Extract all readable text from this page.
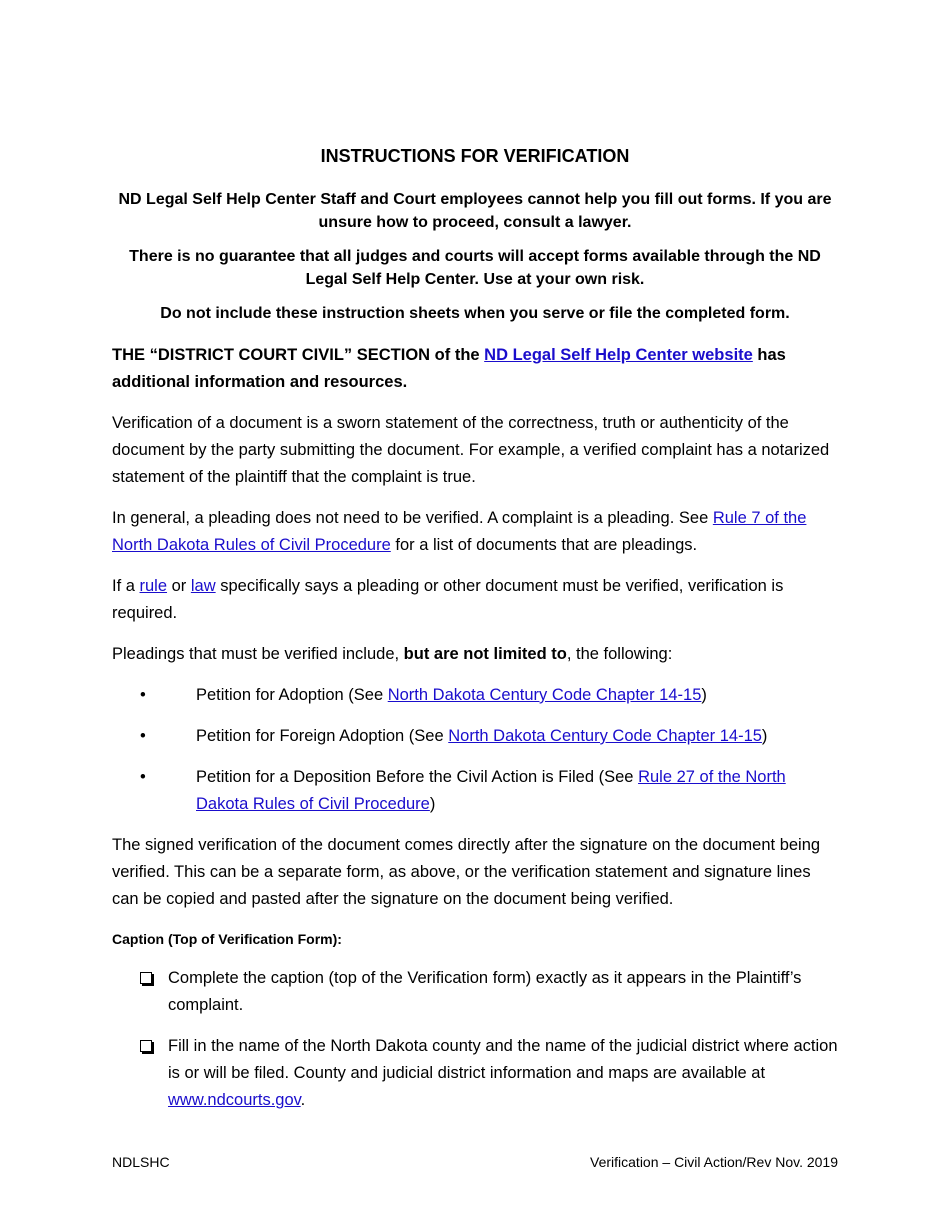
INSTRUCTIONS FOR VERIFICATION
ND Legal Self Help Center Staff and Court employees cannot help you fill out forms. If you are unsure how to proceed, consult a lawyer.
There is no guarantee that all judges and courts will accept forms available through the ND Legal Self Help Center. Use at your own risk.
Do not include these instruction sheets when you serve or file the completed form.

THE “DISTRICT COURT CIVIL” SECTION of the ND Legal Self Help Center website has additional information and resources.

Verification of a document is a sworn statement of the correctness, truth or authenticity of the document by the party submitting the document. For example, a verified complaint has a notarized statement of the plaintiff that the complaint is true.

In general, a pleading does not need to be verified. A complaint is a pleading. See Rule 7 of the North Dakota Rules of Civil Procedure for a list of documents that are pleadings.

If a rule or law specifically says a pleading or other document must be verified, verification is required.

Pleadings that must be verified include, but are not limited to, the following:

•	Petition for Adoption (See North Dakota Century Code Chapter 14-15)
•	Petition for Foreign Adoption (See North Dakota Century Code Chapter 14-15)
•	Petition for a Deposition Before the Civil Action is Filed (See Rule 27 of the North Dakota Rules of Civil Procedure)

The signed verification of the document comes directly after the signature on the document being verified. This can be a separate form, as above, or the verification statement and signature lines can be copied and pasted after the signature on the document being verified.

Caption (Top of Verification Form):
Complete the caption (top of the Verification form) exactly as it appears in the Plaintiff’s complaint.
Fill in the name of the North Dakota county and the name of the judicial district where action is or will be filed. County and judicial district information and maps are available at www.ndcourts.gov.
NDLSHC	Verification – Civil Action/Rev Nov. 2019
